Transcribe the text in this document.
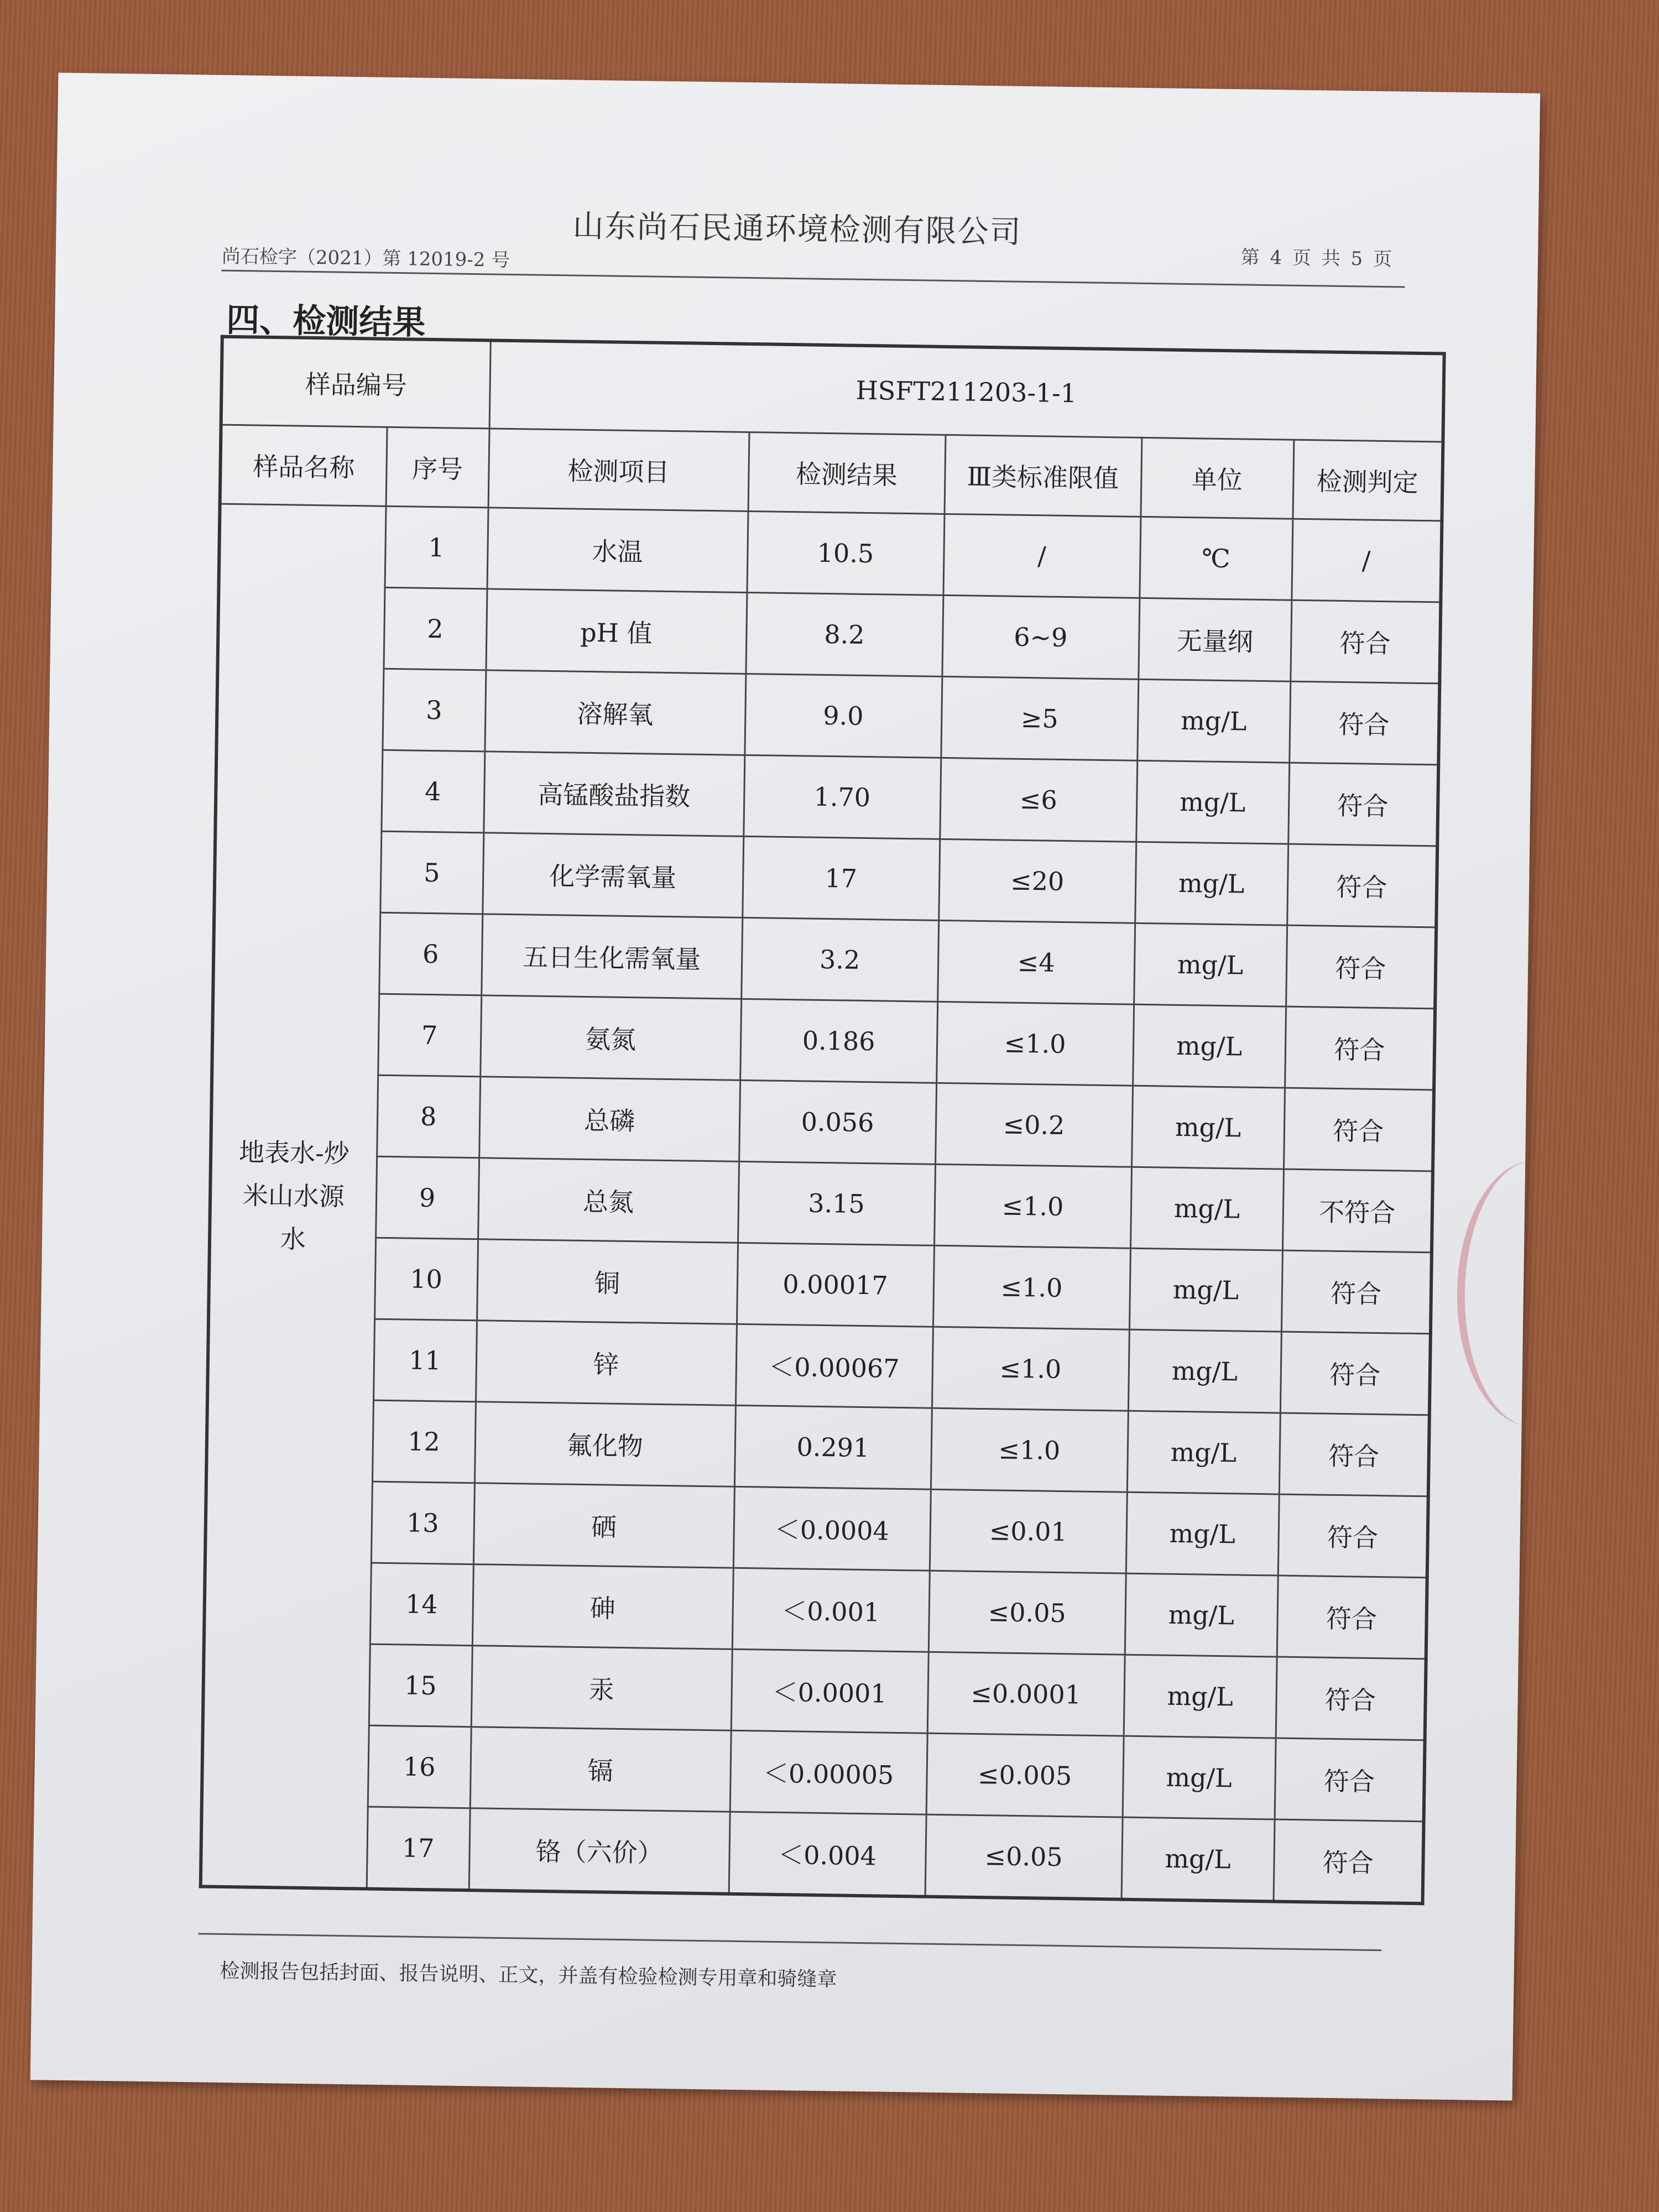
山东尚石民通环境检测有限公司
尚石检字（2021）第 12019-2 号	第 4 页 共 5 页
四、检测结果
样品编号		HSFT211203-1-1				
样品名称	序号	检测项目	检测结果	Ⅲ类标准限值	单位	检测判定
地表水-炒
米山水源
水	1	水温	10.5	/	℃	/
	2	pH 值	8.2	6~9	无量纲	符合
	3	溶解氧	9.0	≥5	mg/L	符合
	4	高锰酸盐指数	1.70	≤6	mg/L	符合
	5	化学需氧量	17	≤20	mg/L	符合
	6	五日生化需氧量	3.2	≤4	mg/L	符合
	7	氨氮	0.186	≤1.0	mg/L	符合
	8	总磷	0.056	≤0.2	mg/L	符合
	9	总氮	3.15	≤1.0	mg/L	不符合
	10	铜	0.00017	≤1.0	mg/L	符合
	11	锌	＜0.00067	≤1.0	mg/L	符合
	12	氟化物	0.291	≤1.0	mg/L	符合
	13	硒	＜0.0004	≤0.01	mg/L	符合
	14	砷	＜0.001	≤0.05	mg/L	符合
	15	汞	＜0.0001	≤0.0001	mg/L	符合
	16	镉	＜0.00005	≤0.005	mg/L	符合
	17	铬（六价）	＜0.004	≤0.05	mg/L	符合
检测报告包括封面、报告说明、正文，并盖有检验检测专用章和骑缝章
